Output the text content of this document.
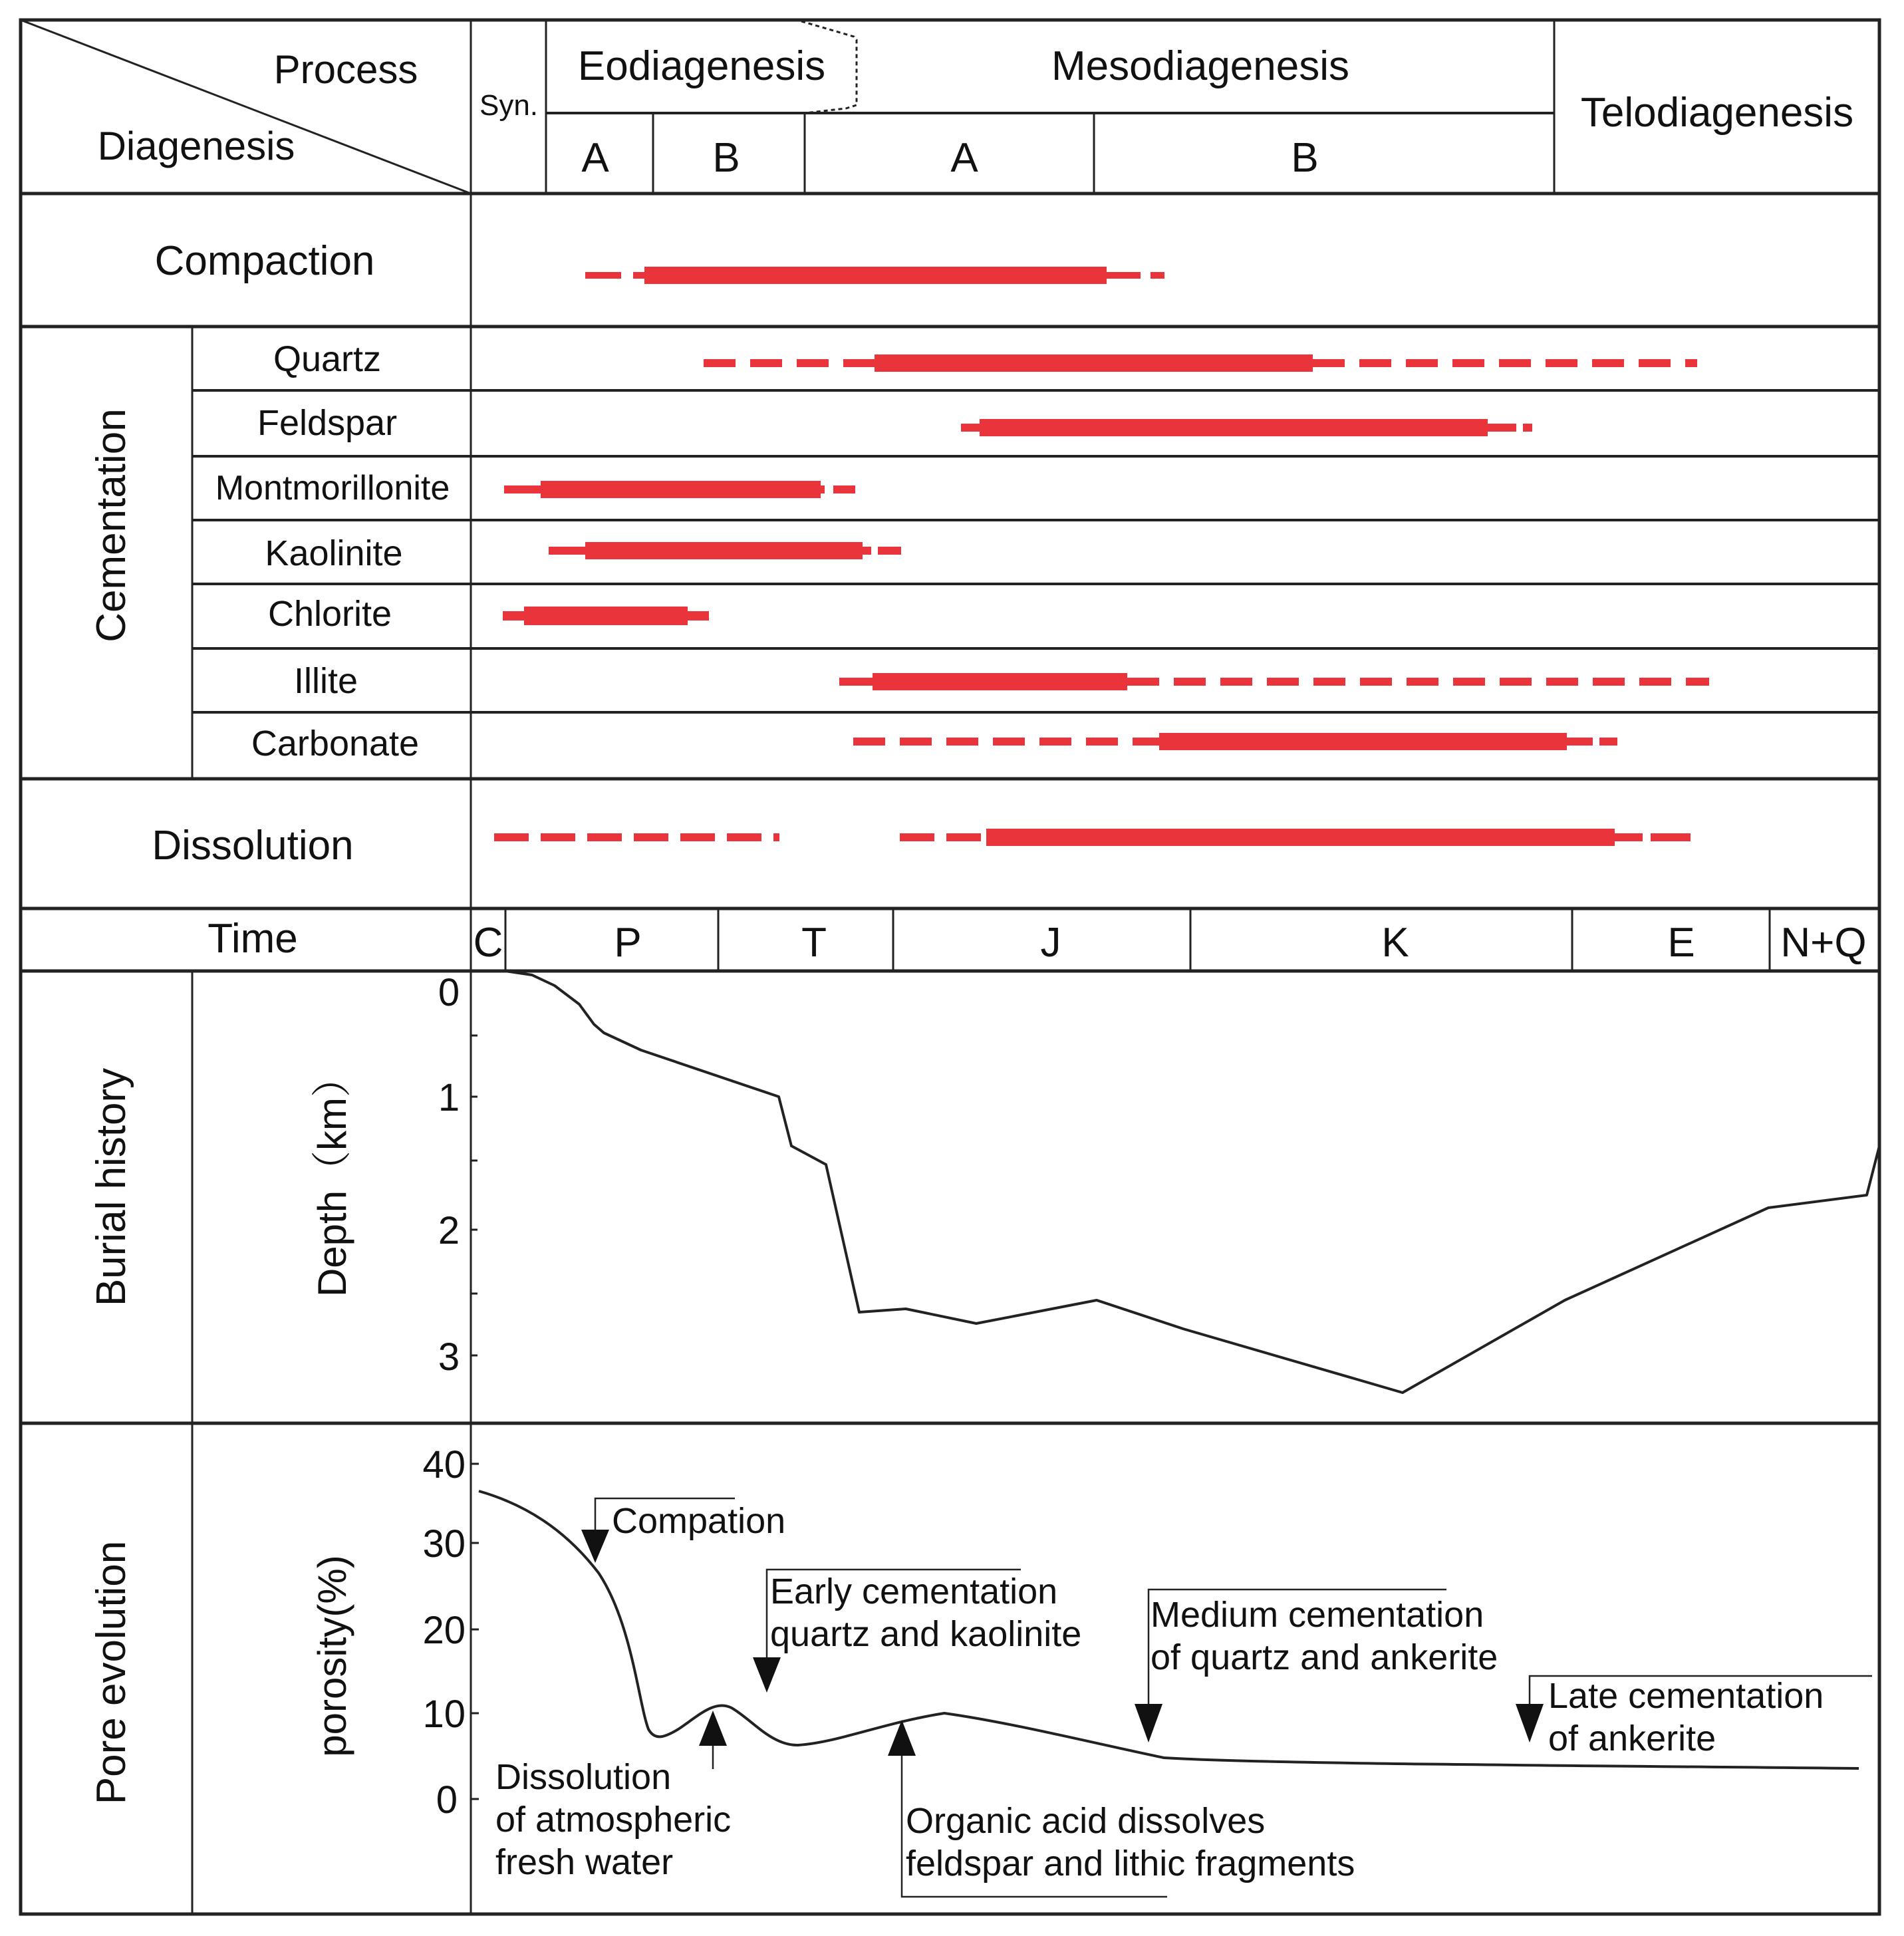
Process
Diagenesis
Syn.
Eodiagenesis	Mesodiagenesis
Telodiagenesis
A	B	A	B
Compaction
Cementation
Quartz
Feldspar
Montmorillonite
Kaolinite
Chlorite
Illite
Carbonate
Dissolution
Time
Burial history
Pore evolution
C	P	T	J	K	E N+Q
Depth（km）
0
1
2
3
porosity(%)
40
30
20
10
0
Compation
Early cementation
quartz and kaolinite Medium cementation
of quartz and ankerite
Late cementation
of ankerite
Dissolution
of atmospheric
fresh water
Organic acid dissolves
feldspar and lithic fragments
